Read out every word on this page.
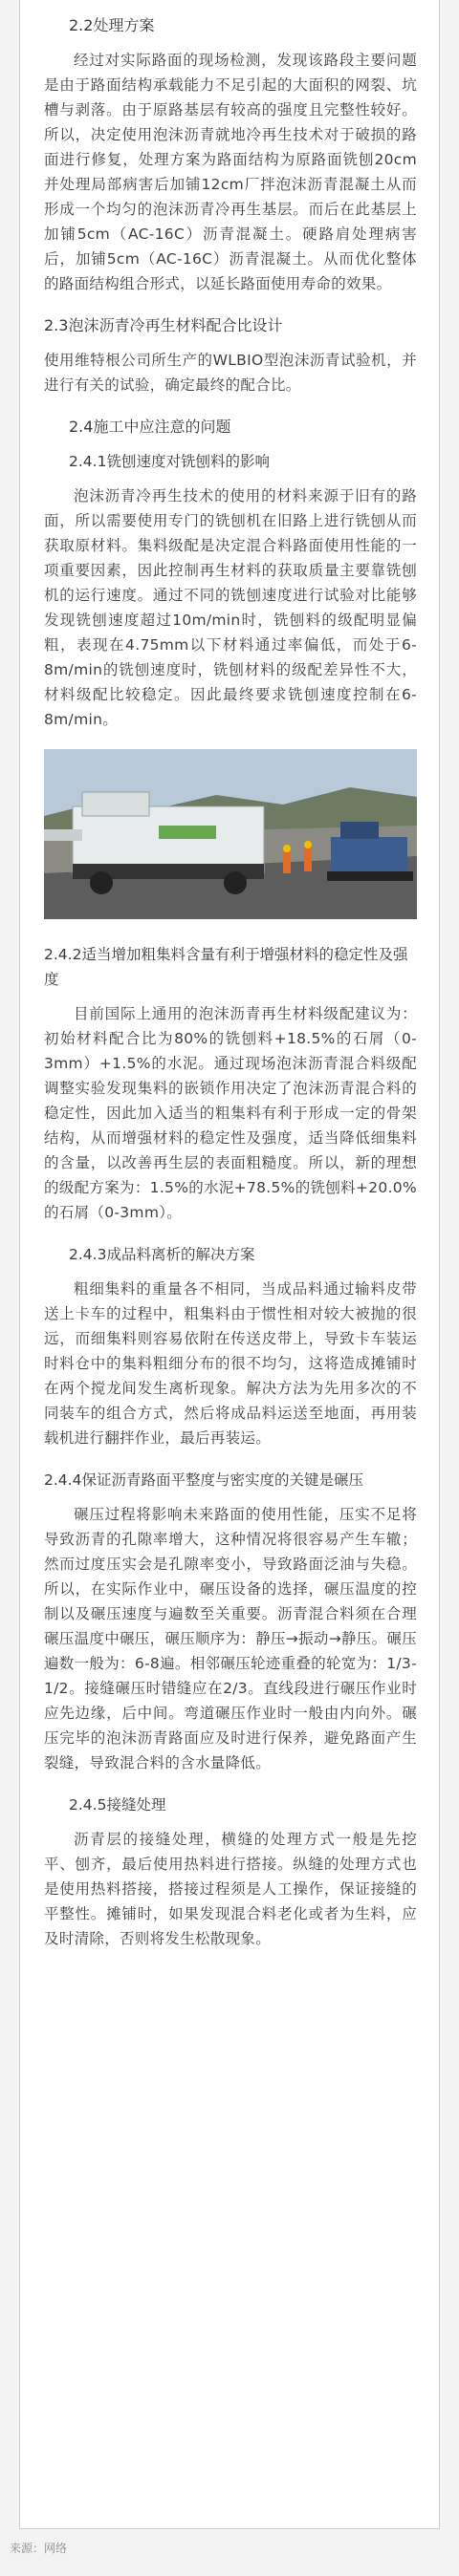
2.2处理方案

经过对实际路面的现场检测，发现该路段主要问题是由于路面结构承载能力不足引起的大面积的网裂、坑槽与剥落。由于原路基层有较高的强度且完整性较好。所以，决定使用泡沫沥青就地冷再生技术对于破损的路面进行修复，处理方案为路面结构为原路面铣刨20cm并处理局部病害后加铺12cm厂拌泡沫沥青混凝土从而形成一个均匀的泡沫沥青冷再生基层。而后在此基层上加铺5cm（AC-16C）沥青混凝土。硬路肩处理病害后，加铺5cm（AC-16C）沥青混凝土。从而优化整体的路面结构组合形式，以延长路面使用寿命的效果。

2.3泡沫沥青冷再生材料配合比设计

使用维特根公司所生产的WLBIO型泡沫沥青试验机，并进行有关的试验，确定最终的配合比。

2.4施工中应注意的问题
2.4.1铣刨速度对铣刨料的影响

泡沫沥青冷再生技术的使用的材料来源于旧有的路面，所以需要使用专门的铣刨机在旧路上进行铣刨从而获取原材料。集料级配是决定混合料路面使用性能的一项重要因素，因此控制再生材料的获取质量主要靠铣刨机的运行速度。通过不同的铣刨速度进行试验对比能够发现铣刨速度超过10m/min时，铣刨料的级配明显偏粗，表现在4.75mm以下材料通过率偏低，而处于6-8m/min的铣刨速度时，铣刨材料的级配差异性不大，材料级配比较稳定。因此最终要求铣刨速度控制在6-8m/min。

2.4.2适当增加粗集料含量有利于增强材料的稳定性及强度

目前国际上通用的泡沫沥青再生材料级配建议为：初始材料配合比为80%的铣刨料+18.5%的石屑（0-3mm）+1.5%的水泥。通过现场泡沫沥青混合料级配调整实验发现集料的嵌锁作用决定了泡沫沥青混合料的稳定性，因此加入适当的粗集料有利于形成一定的骨架结构，从而增强材料的稳定性及强度，适当降低细集料的含量，以改善再生层的表面粗糙度。所以，新的理想的级配方案为：1.5%的水泥+78.5%的铣刨料+20.0%的石屑（0-3mm）。

2.4.3成品料离析的解决方案

粗细集料的重量各不相同，当成品料通过输料皮带送上卡车的过程中，粗集料由于惯性相对较大被抛的很远，而细集料则容易依附在传送皮带上，导致卡车装运时料仓中的集料粗细分布的很不均匀，这将造成摊铺时在两个搅龙间发生离析现象。解决方法为先用多次的不同装车的组合方式，然后将成品料运送至地面，再用装载机进行翻拌作业，最后再装运。

2.4.4保证沥青路面平整度与密实度的关键是碾压

碾压过程将影响未来路面的使用性能，压实不足将导致沥青的孔隙率增大，这种情况将很容易产生车辙；然而过度压实会是孔隙率变小，导致路面泛油与失稳。所以，在实际作业中，碾压设备的选择，碾压温度的控制以及碾压速度与遍数至关重要。沥青混合料须在合理碾压温度中碾压，碾压顺序为：静压→振动→静压。碾压遍数一般为：6-8遍。相邻碾压轮迹重叠的轮宽为：1/3-1/2。接缝碾压时错缝应在2/3。直线段进行碾压作业时应先边缘，后中间。弯道碾压作业时一般由内向外。碾压完毕的泡沫沥青路面应及时进行保养，避免路面产生裂缝，导致混合料的含水量降低。

2.4.5接缝处理

沥青层的接缝处理，横缝的处理方式一般是先挖平、刨齐，最后使用热料进行搭接。纵缝的处理方式也是使用热料搭接，搭接过程须是人工操作，保证接缝的平整性。摊铺时，如果发现混合料老化或者为生料，应及时清除，否则将发生松散现象。

来源：网络
